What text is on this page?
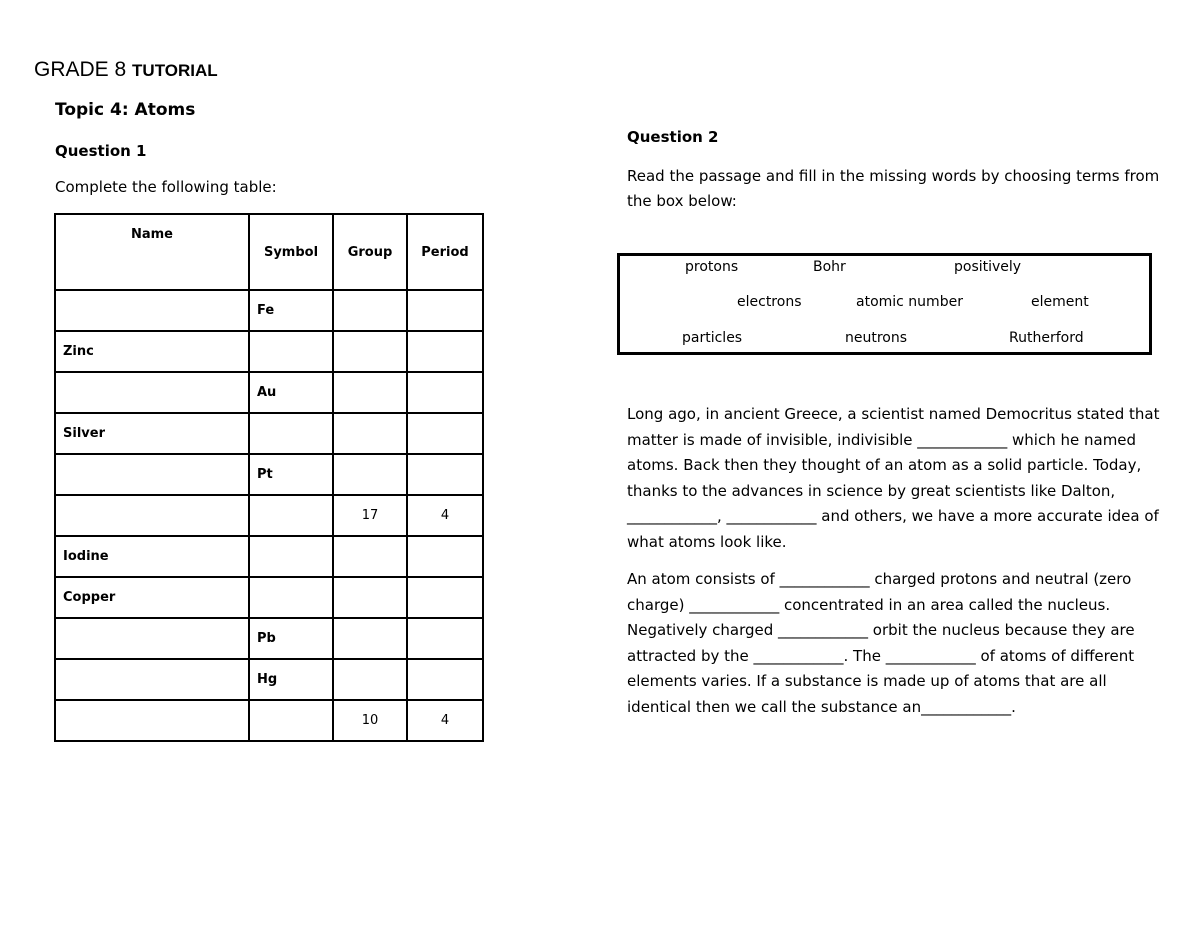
GRADE 8 TUTORIAL
Topic 4: Atoms
Question 1
Complete the following table:
Name	Symbol	Group	Period
	Fe		
Zinc			
	Au		
Silver			
	Pt		
		17	4
Iodine			
Copper			
	Pb		
	Hg		
		10	4
Question 2
Read the passage and fill in the missing words by choosing terms from the box below:
protons	Bohr	positively
electrons	atomic number	element
particles	neutrons	Rutherford

Long ago, in ancient Greece, a scientist named Democritus stated that matter is made of invisible, indivisible ____________ which he named atoms. Back then they thought of an atom as a solid particle. Today, thanks to the advances in science by great scientists like Dalton, ____________, ____________ and others, we have a more accurate idea of what atoms look like.

An atom consists of ____________ charged protons and neutral (zero charge) ____________ concentrated in an area called the nucleus. Negatively charged ____________ orbit the nucleus because they are attracted by the ____________. The ____________ of atoms of different elements varies. If a substance is made up of atoms that are all identical then we call the substance an____________.
